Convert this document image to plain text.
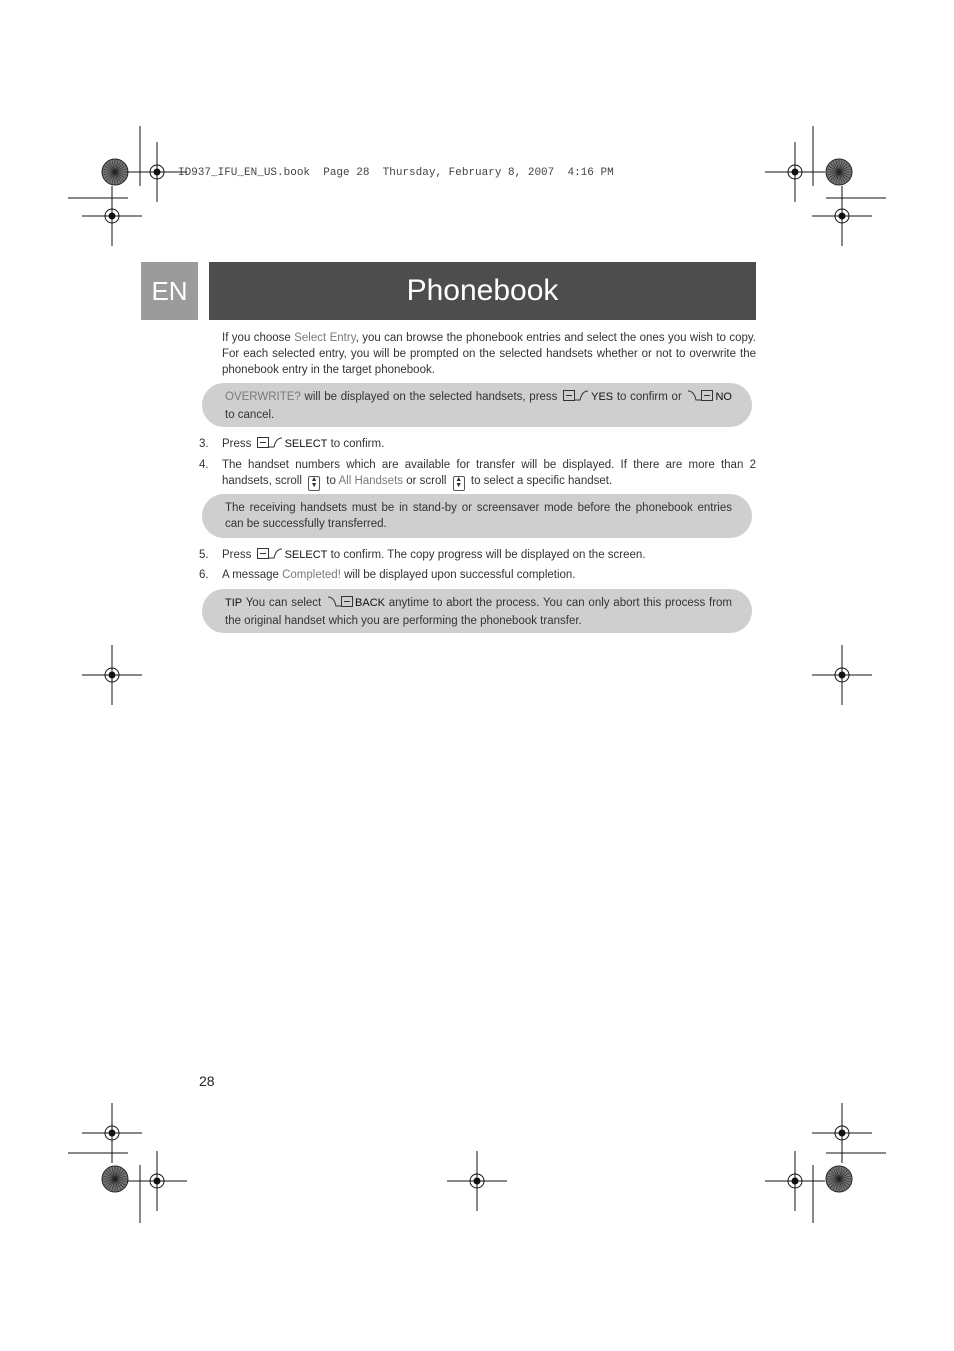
ID937_IFU_EN_US.book  Page 28  Thursday, February 8, 2007  4:16 PM
EN	Phonebook
If you choose Select Entry, you can browse the phonebook entries and select the ones you wish to copy. For each selected entry, you will be prompted on the selected handsets whether or not to overwrite the phonebook entry in the target phonebook.
OVERWRITE? will be displayed on the selected handsets, press	YES to confirm or	NO to cancel.
3.	Press	SELECT to confirm.
4.	The handset numbers which are available for transfer will be displayed. If there are more than 2 handsets, scroll ▲
▼ to All Handsets or scroll ▲
▼ to select a specific handset.
The receiving handsets must be in stand-by or screensaver mode before the phonebook entries can be successfully transferred.
5.	Press	SELECT to confirm. The copy progress will be displayed on the screen.
6.	A message Completed! will be displayed upon successful completion.
TIP You can select	BACK anytime to abort the process. You can only abort this process from the original handset which you are performing the phonebook transfer.
28
